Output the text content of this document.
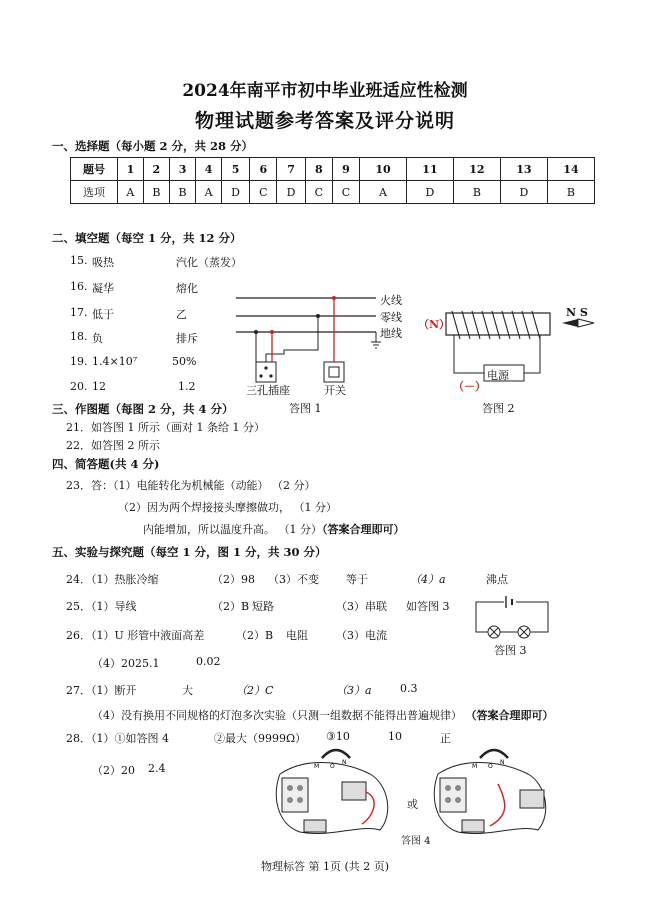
2024年南平市初中毕业班适应性检测
物理试题参考答案及评分说明
一、选择题（每小题 2 分，共 28 分）
题号	1	2	3	4	5	6	7	8	9	10	11	12	13	14
选项	A	B	B	A	D	C	D	C	C	A	D	B	D	B
二、填空题（每空 1 分，共 12 分）
15. 吸热	汽化（蒸发）
16. 凝华	熔化
17. 低于	乙
18. 负	排斥
19. 1.4×10⁷	50%
20. 12	1.2
火线
零线
地线
三孔插座	开关
答图 1
（N）
（－）
电源
N S
答图 2
三、作图题（每图 2 分，共 4 分）
21．如答图 1 所示（画对 1 条给 1 分）
22．如答图 2 所示
四、简答题(共 4 分)
23．答：（1）电能转化为机械能（动能） （2 分）
（2）因为两个焊接接头摩擦做功， （1 分）
内能增加，所以温度升高。 （1 分）（答案合理即可）
五、实验与探究题（每空 1 分，图 1 分，共 30 分）
24．（1）热胀冷缩	（2）98 （3）不变 等于	（4）a	沸点
25．（1）导线	（2）B 短路	（3）串联 如答图 3
答图 3
26．（1）U 形管中液面高差	（2）B 电阻	（3）电流
（4）2025.1	0.02
27．（1）断开	大	（2）C	（3）a	0.3
（4）没有换用不同规格的灯泡多次实验（只测一组数据不能得出普遍规律） （答案合理即可）
28．（1）①如答图 4	②最大（9999Ω） ③10	10	正
（2）20 2.4	M O
N
或
M O
N
答图 4
物理标答 第 1页 (共 2 页)
